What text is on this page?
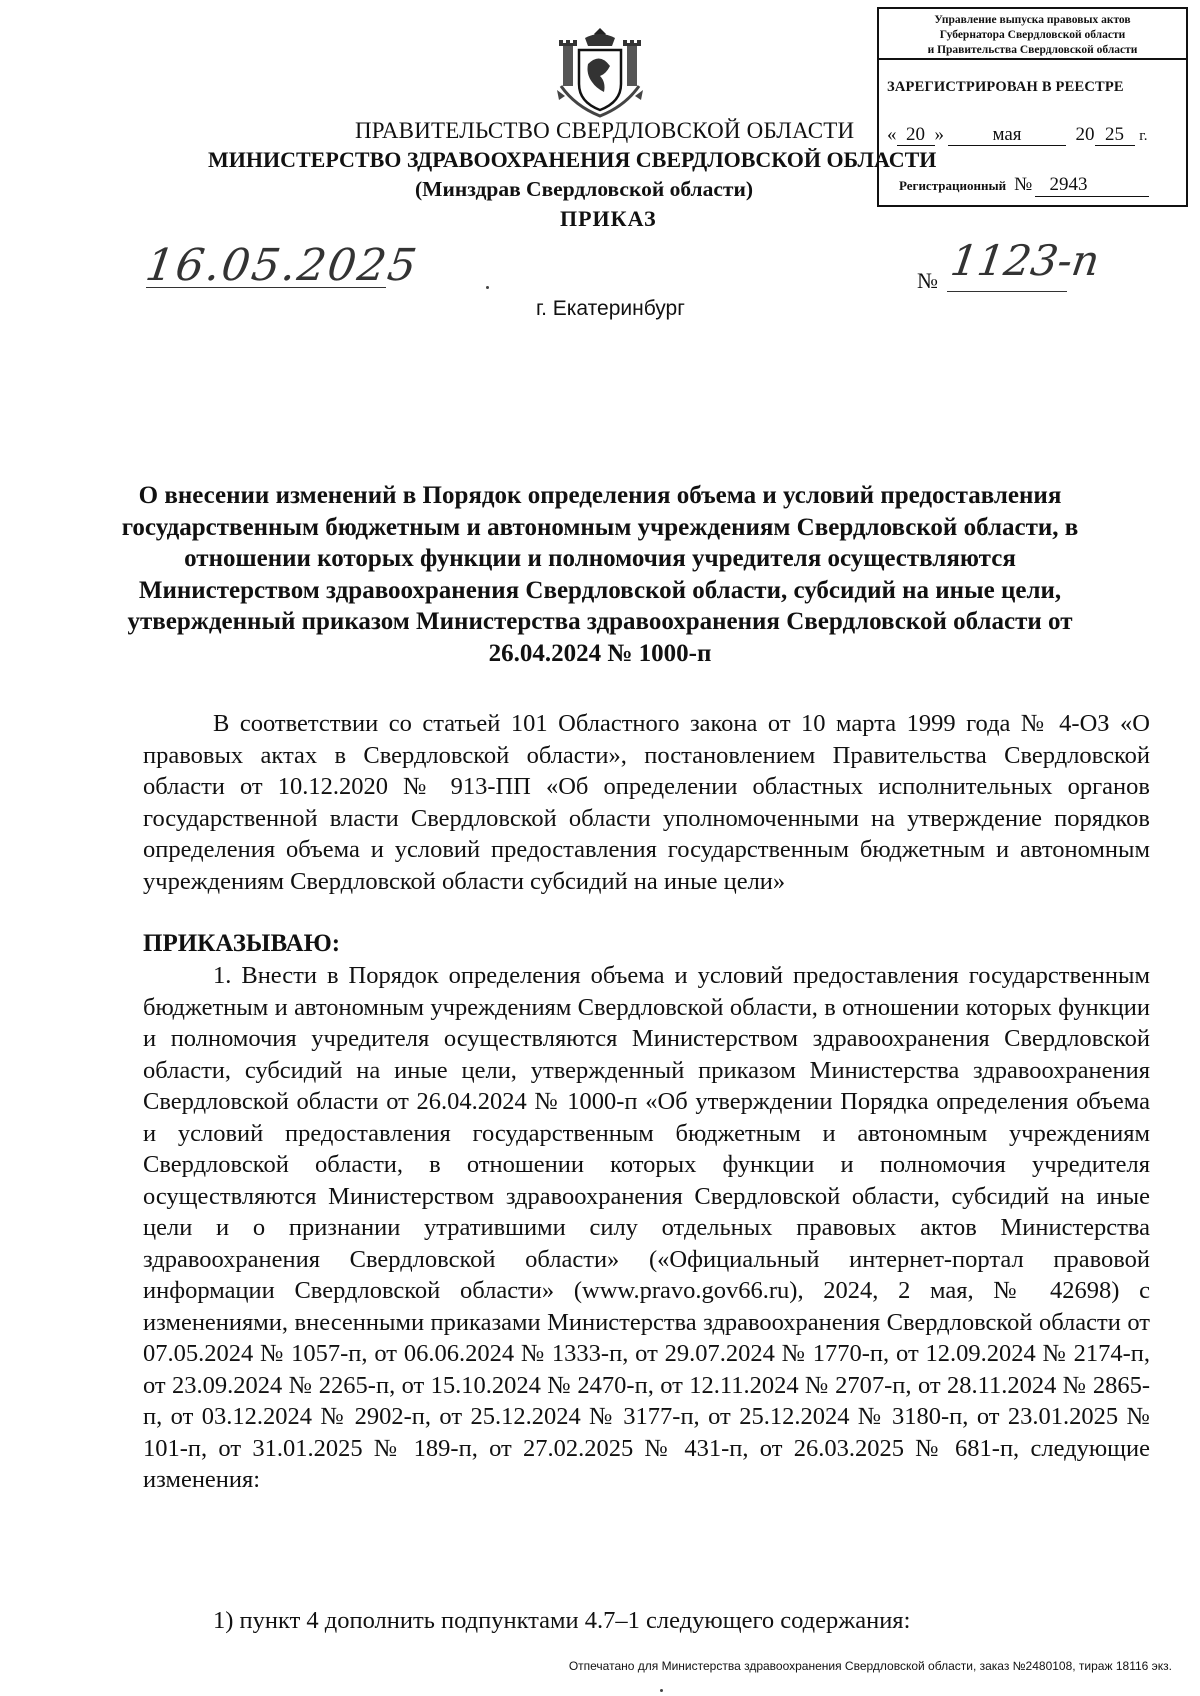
Управление выпуска правовых актов
Губернатора Свердловской области
и Правительства Свердловской области
ЗАРЕГИСТРИРОВАН В РЕЕСТРЕ
« 20 »	мая	20 25 г.
Регистрационный № 2943
ПРАВИТЕЛЬСТВО СВЕРДЛОВСКОЙ ОБЛАСТИ
МИНИСТЕРСТВО ЗДРАВООХРАНЕНИЯ СВЕРДЛОВСКОЙ ОБЛАСТИ
(Минздрав Свердловской области)
ПРИКАЗ
16.05.2025	№ 1123-п
г. Екатеринбург
О внесении изменений в Порядок определения объема и условий предоставления государственным бюджетным и автономным учреждениям Свердловской области, в отношении которых функции и полномочия учредителя осуществляются Министерством здравоохранения Свердловской области, субсидий на иные цели, утвержденный приказом Министерства здравоохранения Свердловской области от 26.04.2024 № 1000-п
В соответствии со статьей 101 Областного закона от 10 марта 1999 года № 4-ОЗ «О правовых актах в Свердловской области», постановлением Правительства Свердловской области от 10.12.2020 № 913-ПП «Об определении областных исполнительных органов государственной власти Свердловской области уполномоченными на утверждение порядков определения объема и условий предоставления государственным бюджетным и автономным учреждениям Свердловской области субсидий на иные цели»
ПРИКАЗЫВАЮ:
1. Внести в Порядок определения объема и условий предоставления государственным бюджетным и автономным учреждениям Свердловской области, в отношении которых функции и полномочия учредителя осуществляются Министерством здравоохранения Свердловской области, субсидий на иные цели, утвержденный приказом Министерства здравоохранения Свердловской области от 26.04.2024 № 1000-п «Об утверждении Порядка определения объема и условий предоставления государственным бюджетным и автономным учреждениям Свердловской области, в отношении которых функции и полномочия учредителя осуществляются Министерством здравоохранения Свердловской области, субсидий на иные цели и о признании утратившими силу отдельных правовых актов Министерства здравоохранения Свердловской области» («Официальный интернет-портал правовой информации Свердловской области» (www.pravo.gov66.ru), 2024, 2 мая, № 42698) с изменениями, внесенными приказами Министерства здравоохранения Свердловской области от 07.05.2024 № 1057-п, от 06.06.2024 № 1333-п, от 29.07.2024 № 1770-п, от 12.09.2024 № 2174-п, от 23.09.2024 № 2265-п, от 15.10.2024 № 2470-п, от 12.11.2024 № 2707-п, от 28.11.2024 № 2865-п, от 03.12.2024 № 2902-п, от 25.12.2024 № 3177-п, от 25.12.2024 № 3180-п, от 23.01.2025 № 101-п, от 31.01.2025 № 189-п, от 27.02.2025 № 431-п, от 26.03.2025 № 681-п, следующие изменения:
1) пункт 4 дополнить подпунктами 4.7–1 следующего содержания:
Отпечатано для Министерства здравоохранения Свердловской области, заказ №2480108, тираж 18116 экз.
